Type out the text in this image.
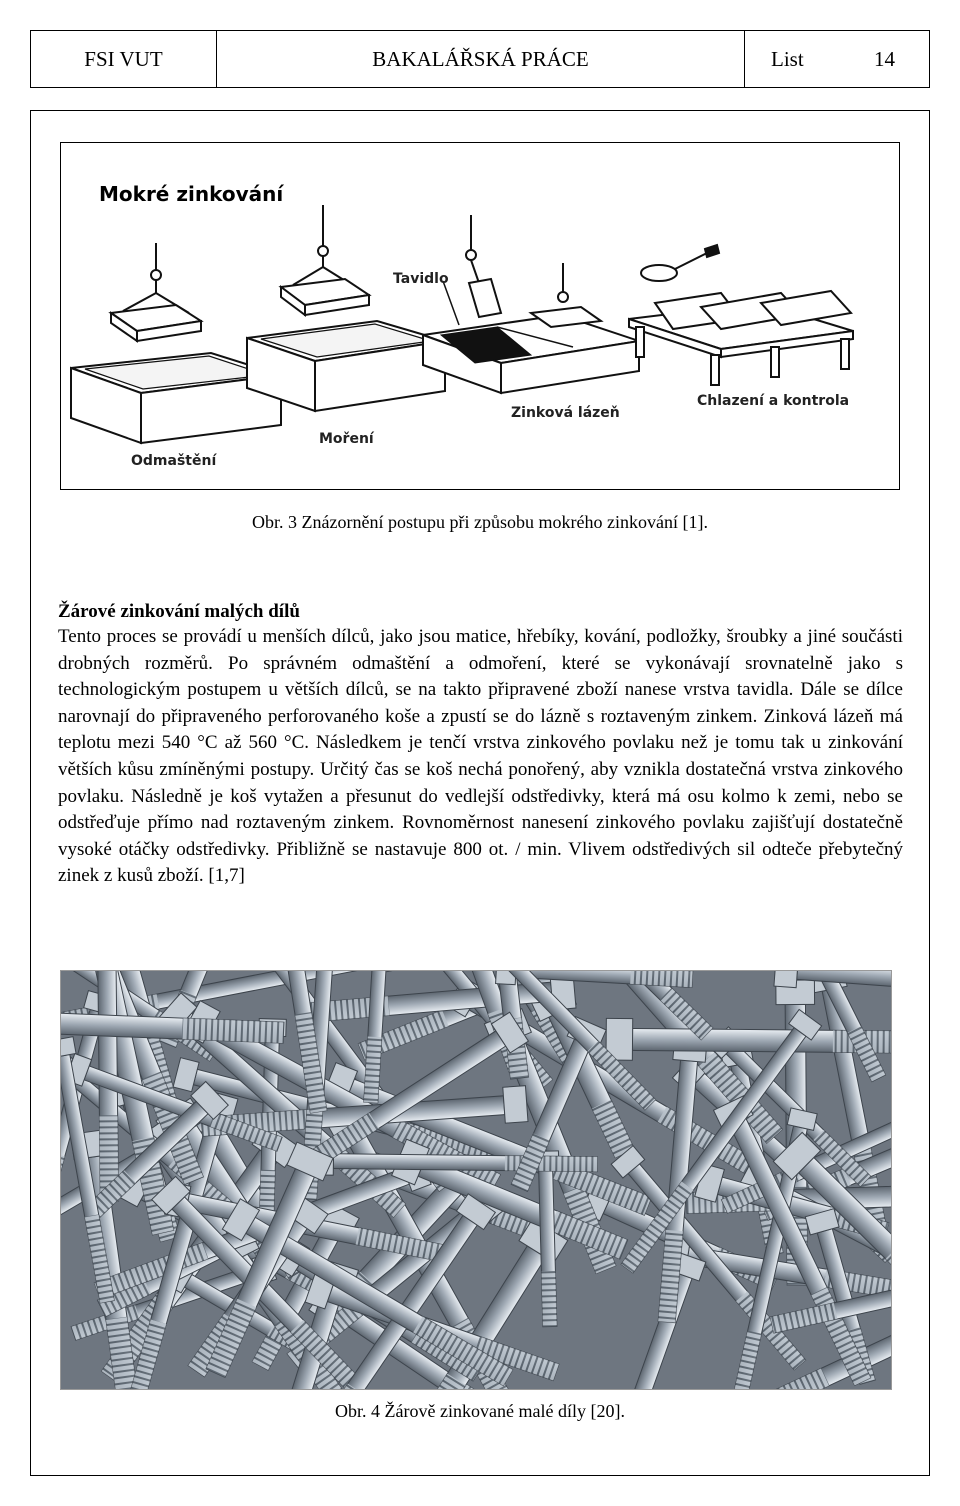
FSI VUT	BAKALÁŘSKÁ PRÁCE	List	14
Mokré zinkování
Tavidlo
Zinková lázeň
Chlazení a kontrola
Moření
Odmaštění
Obr. 3 Znázornění postupu při způsobu mokrého zinkování [1].

Žárové zinkování malých dílů

Tento proces se provádí u menších dílců, jako jsou matice, hřebíky, kování, podložky, šroubky a jiné součásti drobných rozměrů. Po správném odmaštění a odmoření, které se vykonávají srovnatelně jako s technologickým postupem u větších dílců, se na takto připravené zboží nanese vrstva tavidla. Dále se dílce narovnají do připraveného perforovaného koše a zpustí se do lázně s roztaveným zinkem. Zinková lázeň má teplotu mezi 540 °C až 560 °C. Následkem je tenčí vrstva zinkového povlaku než je tomu tak u zinkování větších kůsu zmíněnými postupy. Určitý čas se koš nechá ponořený, aby vznikla dostatečná vrstva zinkového povlaku. Následně je koš vytažen a přesunut do vedlejší odstředivky, která má osu kolmo k zemi, nebo se odstřeďuje přímo nad roztaveným zinkem. Rovnoměrnost nanesení zinkového povlaku zajišťují dostatečně vysoké otáčky odstředivky. Přibližně se nastavuje 800 ot. / min. Vlivem odstředivých sil odteče přebytečný zinek z kusů zboží. [1,7]

Obr. 4 Žárově zinkované malé díly [20].
